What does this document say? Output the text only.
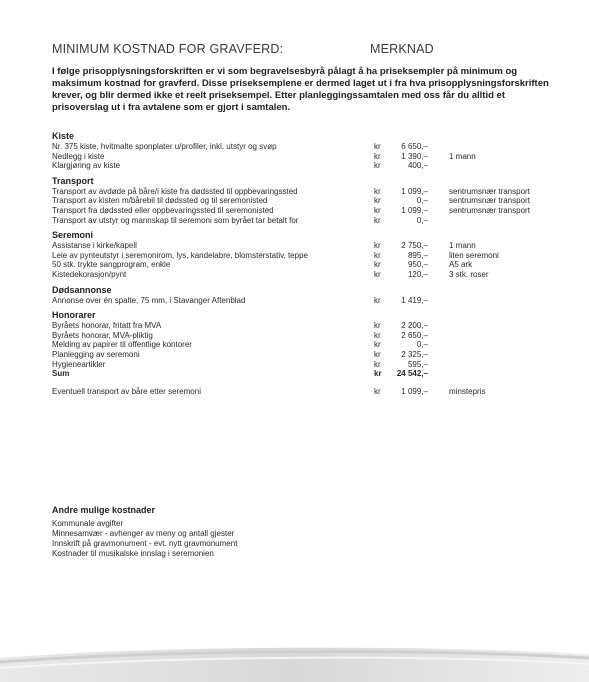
MINIMUM KOSTNAD FOR GRAVFERD:	MERKNAD
I følge prisopplysningsforskriften er vi som begravelsesbyrå pålagt å ha priseksempler på minimum og maksimum kostnad for gravferd. Disse priseksemplene er dermed laget ut i fra hva prisopplysningsforskriften krever, og blir dermed ikke et reelt priseksempel. Etter planleggingssamtalen med oss får du alltid et prisoverslag ut i fra avtalene som er gjort i samtalen.
Kiste
Nr. 375 kiste, hvitmalte sponplater u/profiler, inkl. utstyr og svøp	kr	6 650,–
Nedlegg i kiste	kr	1 390,–	1 mann
Klargjøring av kiste	kr	400,–
Transport
Transport av avdøde på båre/i kiste fra dødssted til oppbevaringssted	kr	1 099,–	sentrumsnær transport
Transport av kisten m/bårebil til dødssted og til seremonisted	kr	0,–	sentrumsnær transport
Transport fra dødssted eller oppbevaringssted til seremonisted	kr	1 099,–	sentrumsnær transport
Transport av utstyr og mannskap til seremoni som byrået tar betalt for	kr	0,–
Seremoni
Assistanse i kirke/kapell	kr	2 750,–	1 mann
Leie av pynteutstyr i seremonirom, lys, kandelabre, blomsterstativ, teppe	kr	895,–	liten seremoni
50 stk. trykte sangprogram, enkle	kr	950,–	A5 ark
Kistedekorasjon/pynt	kr	120,–	3 stk. roser
Dødsannonse
Annonse over én spalte, 75 mm, i Stavanger Aftenblad	kr	1 419,–
Honorarer
Byråets honorar, fritatt fra MVA	kr	2 200,–
Byråets honorar, MVA-pliktig	kr	2 650,–
Melding av papirer til offentlige kontorer	kr	0,–
Planlegging av seremoni	kr	2 325,–
Hygieneartikler	kr	595,–
Sum	kr	24 542,–
Eventuell transport av båre etter seremoni	kr	1 099,–	minstepris
Andre mulige kostnader
Kommunale avgifter
Minnesamvær - avhenger av meny og antall gjester
Innskrift på gravmonument - evt. nytt gravmonument
Kostnader til musikalske innslag i seremonien
